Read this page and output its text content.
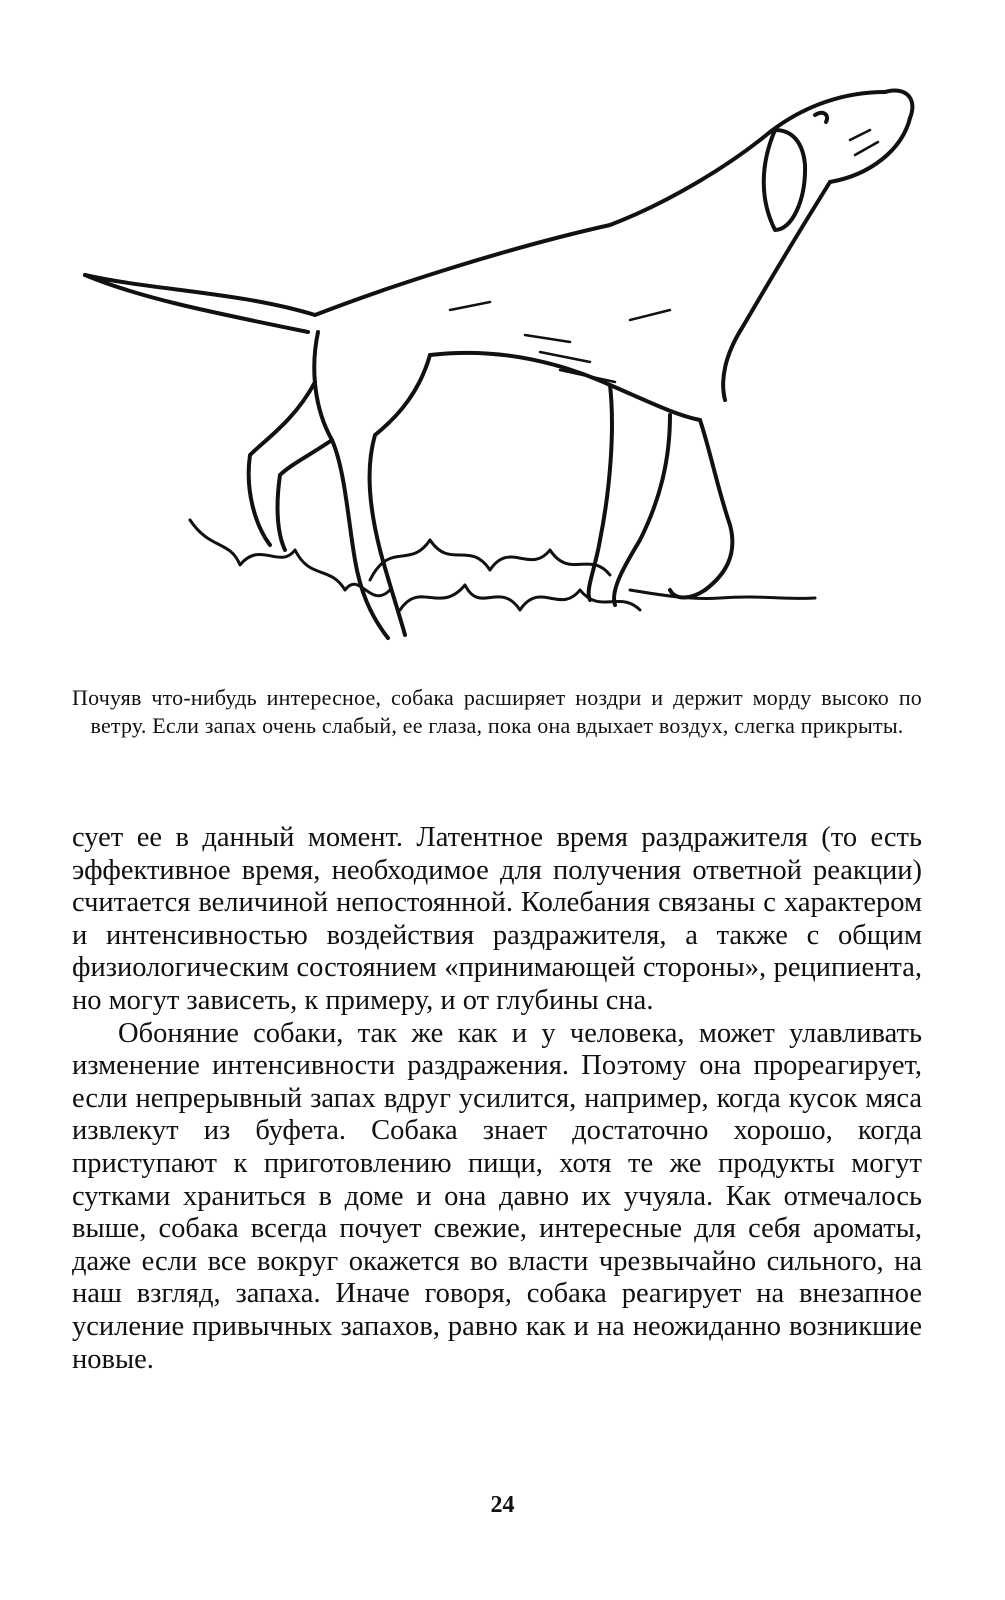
Почуяв что-нибудь интересное, собака расширяет ноздри и держит морду высоко по ветру. Если запах очень слабый, ее глаза, пока она вдыхает воздух, слегка прикрыты.

сует ее в данный момент. Латентное время раздражителя (то есть эффективное время, необходимое для получения ответной реакции) считается величиной непостоянной. Колебания связаны с характером и интенсивностью воздействия раздражителя, а также с общим физиологическим состоянием «принимающей стороны», реципиента, но могут зависеть, к примеру, и от глубины сна.

Обоняние собаки, так же как и у человека, может улавливать изменение интенсивности раздражения. Поэтому она прореагирует, если непрерывный запах вдруг усилится, например, когда кусок мяса извлекут из буфета. Собака знает достаточно хорошо, когда приступают к приготовлению пищи, хотя те же продукты могут сутками храниться в доме и она давно их учуяла. Как отмечалось выше, собака всегда почует свежие, интересные для себя ароматы, даже если все вокруг окажется во власти чрезвычайно сильного, на наш взгляд, запаха. Иначе говоря, собака реагирует на внезапное усиление привычных запахов, равно как и на неожиданно возникшие новые.

24
